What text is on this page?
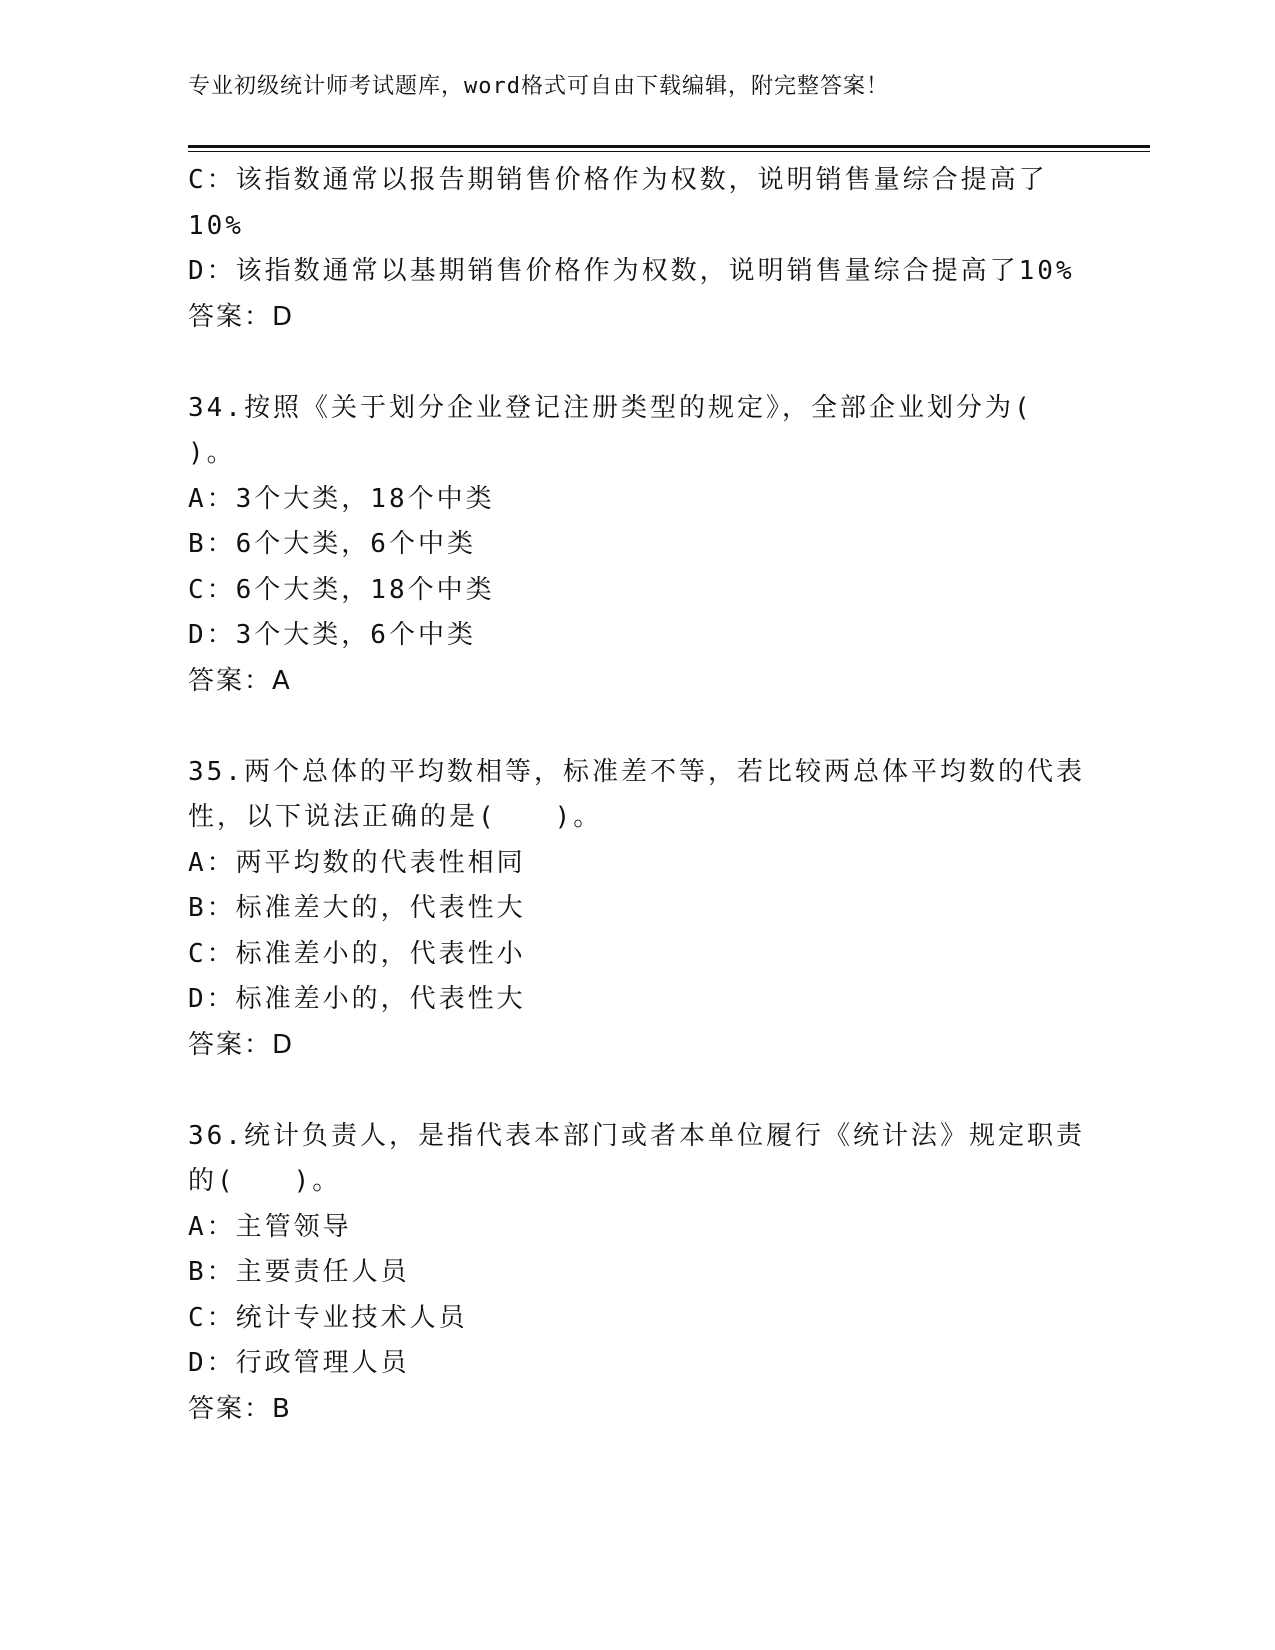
专业初级统计师考试题库，word格式可自由下载编辑，附完整答案！
C：该指数通常以报告期销售价格作为权数，说明销售量综合提高了
10%
D：该指数通常以基期销售价格作为权数，说明销售量综合提高了10%
答案：D
34.按照《关于划分企业登记注册类型的规定》，全部企业划分为(
)。
A：3个大类，18个中类
B：6个大类，6个中类
C：6个大类，18个中类
D：3个大类，6个中类
答案：A
35.两个总体的平均数相等，标准差不等，若比较两总体平均数的代表
性，以下说法正确的是(　　)。
A：两平均数的代表性相同
B：标准差大的，代表性大
C：标准差小的，代表性小
D：标准差小的，代表性大
答案：D
36.统计负责人，是指代表本部门或者本单位履行《统计法》规定职责
的(　　)。
A：主管领导
B：主要责任人员
C：统计专业技术人员
D：行政管理人员
答案：B
